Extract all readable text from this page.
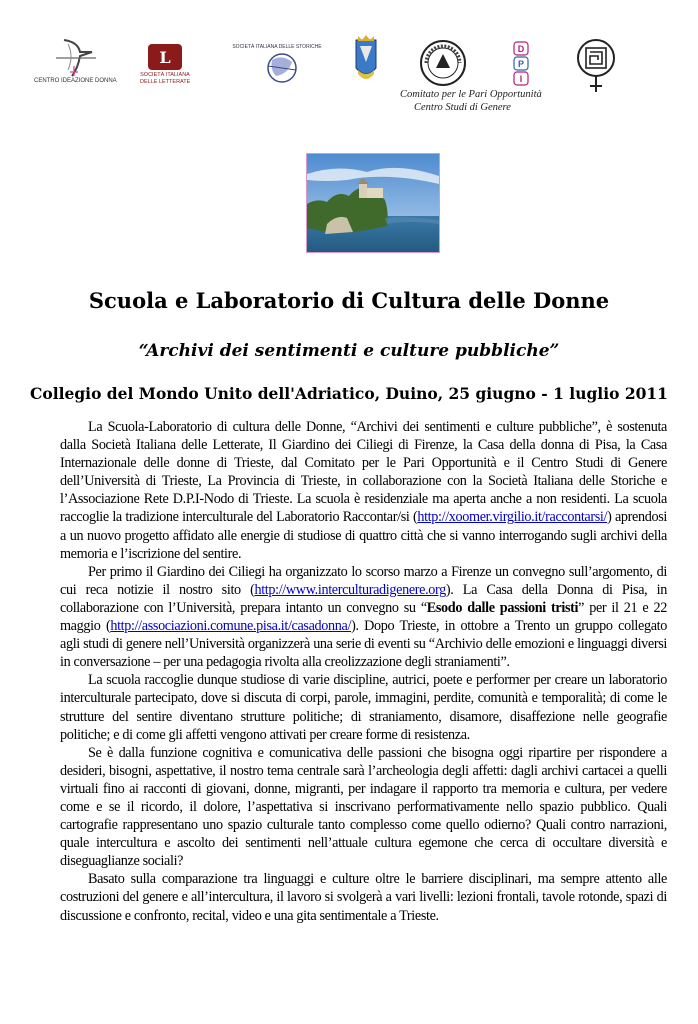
CENTRO IDEAZIONE DONNA
L
SOCIETÀ ITALIANA
DELLE LETTERATE
SOCIETÀ ITALIANA DELLE STORICHE	D
P
I
Comitato per le Pari Opportunità
Centro Studi di Genere
Scuola e Laboratorio di Cultura delle Donne
“Archivi dei sentimenti e culture pubbliche”
Collegio del Mondo Unito dell'Adriatico, Duino, 25 giugno - 1 luglio 2011

La Scuola-Laboratorio di cultura delle Donne, “Archivi dei sentimenti e culture pubbliche”, è sostenuta dalla Società Italiana delle Letterate, Il Giardino dei Ciliegi di Firenze, la Casa della donna di Pisa, la Casa Internazionale delle donne di Trieste, dal Comitato per le Pari Opportunità e il Centro Studi di Genere dell’Università di Trieste, La Provincia di Trieste, in collaborazione con la Società Italiana delle Storiche e l’Associazione Rete D.P.I-Nodo di Trieste. La scuola è residenziale ma aperta anche a non residenti. La scuola raccoglie la tradizione interculturale del Laboratorio Raccontar/si (http://xoomer.virgilio.it/raccontarsi/) aprendosi a un nuovo progetto affidato alle energie di studiose di quattro città che si vanno interrogando sugli archivi della memoria e l’iscrizione del sentire.

Per primo il Giardino dei Ciliegi ha organizzato lo scorso marzo a Firenze un convegno sull’argomento, di cui reca notizie il nostro sito (http://www.interculturadigenere.org). La Casa della Donna di Pisa, in collaborazione con l’Università, prepara intanto un convegno su “Esodo dalle passioni tristi” per il 21 e 22 maggio (http://associazioni.comune.pisa.it/casadonna/). Dopo Trieste, in ottobre a Trento un gruppo collegato agli studi di genere nell’Università organizzerà una serie di eventi su “Archivio delle emozioni e linguaggi diversi in conversazione – per una pedagogia rivolta alla creolizzazione degli straniamenti”.

La scuola raccoglie dunque studiose di varie discipline, autrici, poete e performer per creare un laboratorio interculturale partecipato, dove si discuta di corpi, parole, immagini, perdite, comunità e temporalità; di come le strutture del sentire diventano strutture politiche; di straniamento, disamore, disaffezione nelle geografie politiche; e di come gli affetti vengono attivati per creare forme di resistenza.

Se è dalla funzione cognitiva e comunicativa delle passioni che bisogna oggi ripartire per rispondere a desideri, bisogni, aspettative, il nostro tema centrale sarà l’archeologia degli affetti: dagli archivi cartacei a quelli virtuali fino ai racconti di giovani, donne, migranti, per indagare il rapporto tra memoria e cultura, per vedere come e se il ricordo, il dolore, l’aspettativa si inscrivano performativamente nello spazio pubblico. Quali cartografie rappresentano uno spazio culturale tanto complesso come quello odierno? Quali contro narrazioni, quale intercultura e ascolto dei sentimenti nell’attuale cultura egemone che cerca di occultare diversità e diseguaglianze sociali?

Basato sulla comparazione tra linguaggi e culture oltre le barriere disciplinari, ma sempre attento alle costruzioni del genere e all’intercultura, il lavoro si svolgerà a vari livelli: lezioni frontali, tavole rotonde, spazi di discussione e confronto, recital, video e una gita sentimentale a Trieste.
